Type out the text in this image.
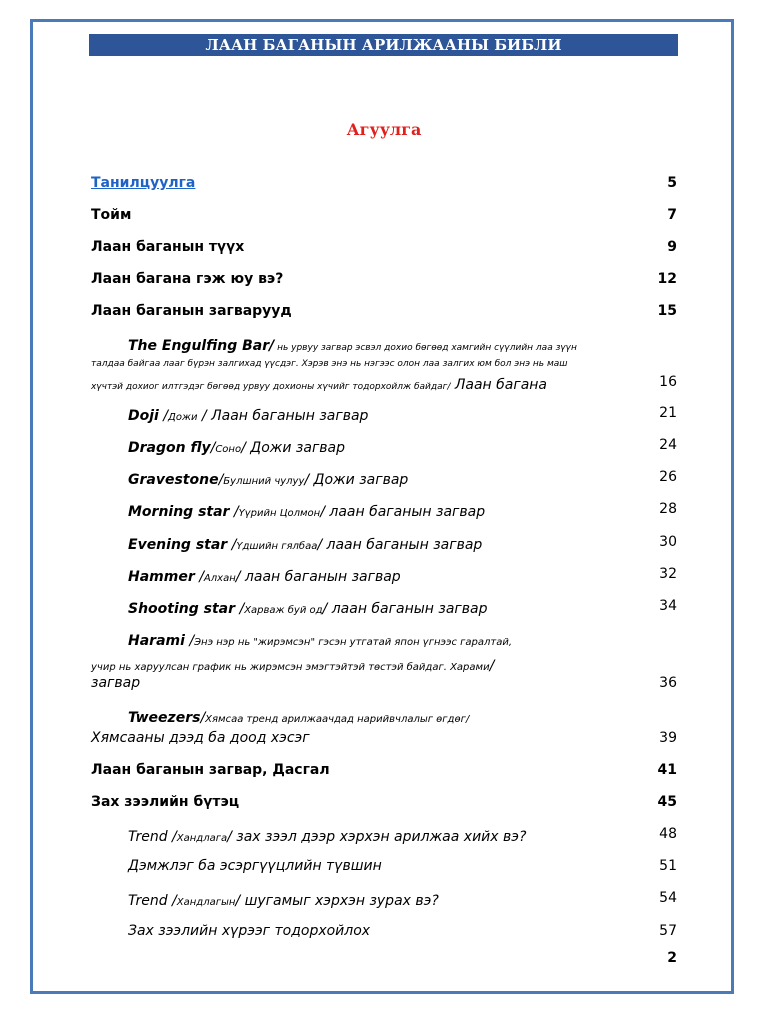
ЛААН БАГАНЫН АРИЛЖААНЫ БИБЛИ
Агуулга
Танилцуулга	5
Тойм	7
Лаан баганын түүх	9
Лаан багана гэж юу вэ?	12
Лаан баганын загварууд	15
The Engulfing Bar/ нь урвуу загвар эсвэл дохио бөгөөд хамгийн сүүлийн лаа зүүн
талдаа байгаа лааг бүрэн залгихад үүсдэг. Хэрэв энэ нь нэгээс олон лаа залгих юм бол энэ нь маш
хүчтэй дохиог илтгэдэг бөгөөд урвуу дохионы хүчийг тодорхойлж байдаг/ Лаан багана	16
Doji /Дожи / Лаан баганын загвар	21
Dragon fly/Соно/ Дожи загвар	24
Gravestone/Булшний чулуу/ Дожи загвар	26
Morning star /Үүрийн Цолмон/ лаан баганын загвар	28
Evening star /Үдшийн гялбаа/ лаан баганын загвар	30
Hammer /Алхан/ лаан баганын загвар	32
Shooting star /Харваж буй од/ лаан баганын загвар	34
Harami /Энэ нэр нь "жирэмсэн" гэсэн утгатай япон үгнээс гаралтай,
учир нь харуулсан график нь жирэмсэн эмэгтэйтэй төстэй байдаг. Харами/
загвар	36
Tweezers/Хямсаа тренд арилжаачдад нарийвчлалыг өгдөг/
Хямсааны дээд ба доод хэсэг	39
Лаан баганын загвар, Дасгал	41
Зах зээлийн бүтэц	45
Trend /Хандлага/ зах зээл дээр хэрхэн арилжаа хийх вэ?	48
Дэмжлэг ба эсэргүүцлийн түвшин	51
Trend /Хандлагын/ шугамыг хэрхэн зурах вэ?	54
Зах зээлийн хүрээг тодорхойлох	57
2
